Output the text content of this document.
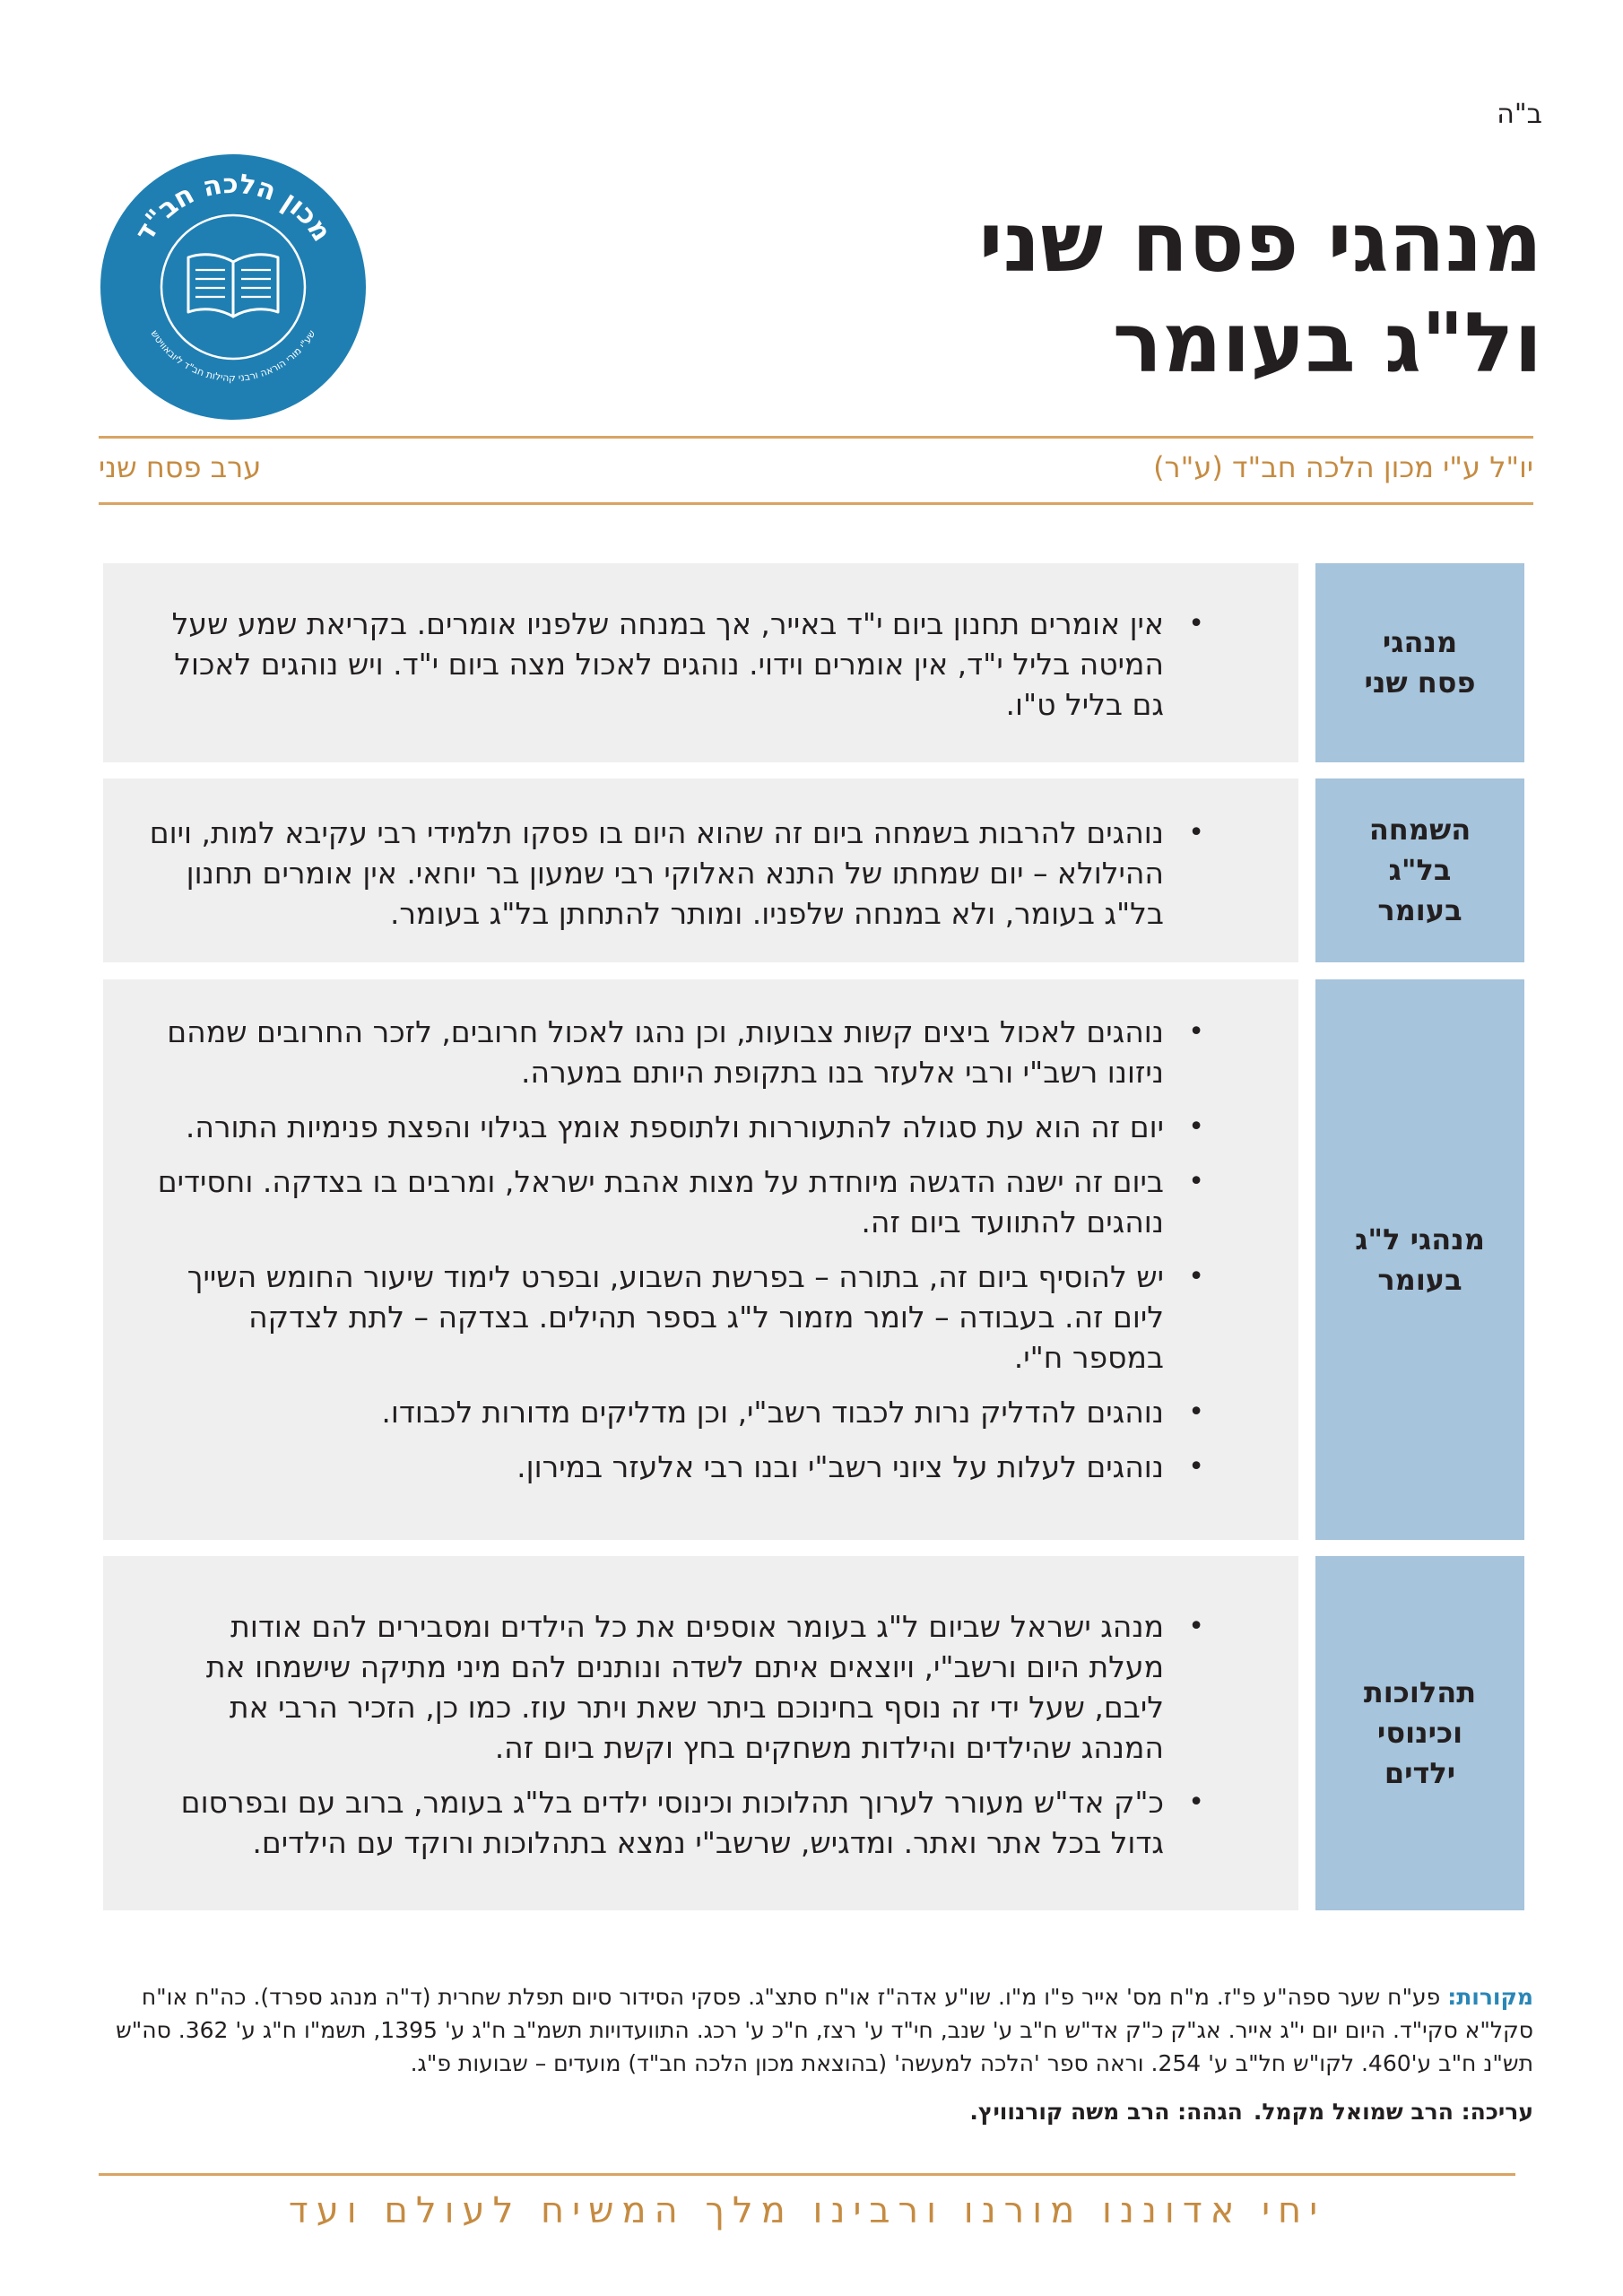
ב"ה
מנהגי פסח שני
ול"ג בעומר
מכון הלכה חב"ד
שע"י מורי הוראה ורבני קהילות חב"ד ליובאוויטש
יו"ל ע"י מכון הלכה חב"ד (ע"ר)
ערב פסח שני
• אין אומרים תחנון ביום י"ד באייר, אך במנחה שלפניו אומרים. בקריאת שמע שעל המיטה בליל י"ד, אין אומרים וידוי. נוהגים לאכול מצה ביום י"ד. ויש נוהגים לאכול גם בליל ט"ו.
מנהגי
פסח שני
• נוהגים להרבות בשמחה ביום זה שהוא היום בו פסקו תלמידי רבי עקיבא למות, ויום ההילולא – יום שמחתו של התנא האלוקי רבי שמעון בר יוחאי. אין אומרים תחנון בל"ג בעומר, ולא במנחה שלפניו. ומותר להתחתן בל"ג בעומר.
השמחה
בל"ג
בעומר
• נוהגים לאכול ביצים קשות צבועות, וכן נהגו לאכול חרובים, לזכר החרובים שמהם ניזונו רשב"י ורבי אלעזר בנו בתקופת היותם במערה.
• יום זה הוא עת סגולה להתעוררות ולתוספת אומץ בגילוי והפצת פנימיות התורה.
• ביום זה ישנה הדגשה מיוחדת על מצות אהבת ישראל, ומרבים בו בצדקה. וחסידים נוהגים להתוועד ביום זה.
• יש להוסיף ביום זה, בתורה – בפרשת השבוע, ובפרט לימוד שיעור החומש השייך ליום זה. בעבודה – לומר מזמור ל"ג בספר תהילים. בצדקה – לתת לצדקה במספר ח"י.
• נוהגים להדליק נרות לכבוד רשב"י, וכן מדליקים מדורות לכבודו.
• נוהגים לעלות על ציוני רשב"י ובנו רבי אלעזר במירון.
מנהגי ל"ג
בעומר
• מנהג ישראל שביום ל"ג בעומר אוספים את כל הילדים ומסבירים להם אודות מעלת היום ורשב"י, ויוצאים איתם לשדה ונותנים להם מיני מתיקה שישמחו את ליבם, שעל ידי זה נוסף בחינוכם ביתר שאת ויתר עוז. כמו כן, הזכיר הרבי את המנהג שהילדים והילדות משחקים בחץ וקשת ביום זה.
• כ"ק אד"ש מעורר לערוך תהלוכות וכינוסי ילדים בל"ג בעומר, ברוב עם ובפרסום גדול בכל אתר ואתר. ומדגיש, שרשב"י נמצא בתהלוכות ורוקד עם הילדים.
תהלוכות
וכינוסי
ילדים
מקורות: פע"ח שער ספה"ע פ"ז. מ"ח מס' אייר פ"ו מ"ו. שו"ע אדה"ז או"ח סתצ"ג. פסקי הסידור סיום תפלת שחרית (ד"ה מנהג ספרד). כה"ח או"ח סקל"א סקי"ד. היום יום י"ג אייר. אג"ק כ"ק אד"ש ח"ב ע' שנב, חי"ד ע' רצז, ח"כ ע' רכג. התוועדויות תשמ"ב ח"ג ע' 1395, תשמ"ו ח"ג ע' 362. סה"ש תש"נ ח"ב ע'460. לקו"ש חל"ב ע' 254. וראה ספר 'הלכה למעשה' (בהוצאת מכון הלכה חב"ד) מועדים – שבועות פ"ג.
עריכה: הרב שמואל מקמל.הגהה: הרב משה קורנוויץ.
יחי אדוננו מורנו ורבינו מלך המשיח לעולם ועד
